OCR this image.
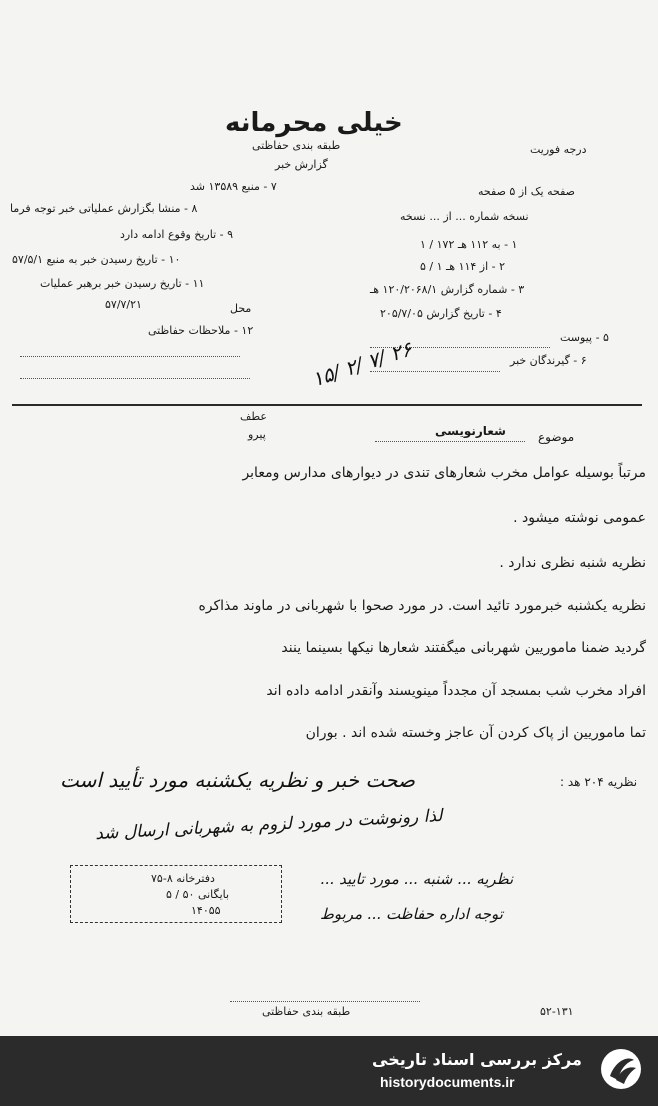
خیلی محرمانه
طبقه بندی حفاظتی
گزارش خبر
درجه فوریت
صفحه یک از ۵ صفحه
نسخه شماره ... از ... نسخه
۱ - به ۱۱۲ هـ ۱۷۲ / ۱
۲ - از ۱۱۴ هـ ۱ / ۵
۳ - شماره گزارش ۱۲۰/۲۰۶۸/۱ هـ
۴ - تاریخ گزارش ۲۰۵/۷/۰۵
۵ - پیوست
۶ - گیرندگان خبر
۷ - منبع ۱۳۵۸۹ شد
۸ - منشا بگزارش عملیاتی خبر توجه فرما
۹ - تاریخ وقوع ادامه دارد
۱۰ - تاریخ رسیدن خبر به منبع ۵۷/۵/۱
۱۱ - تاریخ رسیدن خبر برهبر عملیات
۵۷/۷/۲۱	محل
۱۲ - ملاحظات حفاظتی
۱۵/ ۲/ ۷/ ۲۶
عطف
پیرو	موضوع
شعارنویسی
مرتباً بوسیله عوامل مخرب شعارهای تندی در دیوارهای مدارس ومعابر
عمومی نوشته میشود .
نظریه شنبه نظری ندارد .
نظریه یکشنبه خبرمورد تائید است. در مورد صحوا با شهربانی در ماوند مذاکره
گردید ضمنا ماموریین شهربانی میگفتند شعارها نیکها بسینما ینند
افراد مخرب شب بمسجد آن مجدداً مینویسند وآنقدر ادامه داده اند
تما ماموریین از پاک کردن آن عاجز وخسته شده اند . بوران
نظریه ۲۰۴ هد :
صحت خبر و نظریه یکشنبه مورد تأیید است
لذا رونوشت در مورد لزوم به شهربانی ارسال شد
نظریه ... شنبه ... مورد تایید ...
توجه اداره حفاظت ... مربوط
دفترخانه ۸-۷۵
بایگانی ۵۰ / ۵
۱۴۰۵۵
طبقه بندی حفاظتی	۵۲-۱۳۱
مرکز بررسی اسناد تاریخی
historydocuments.ir
